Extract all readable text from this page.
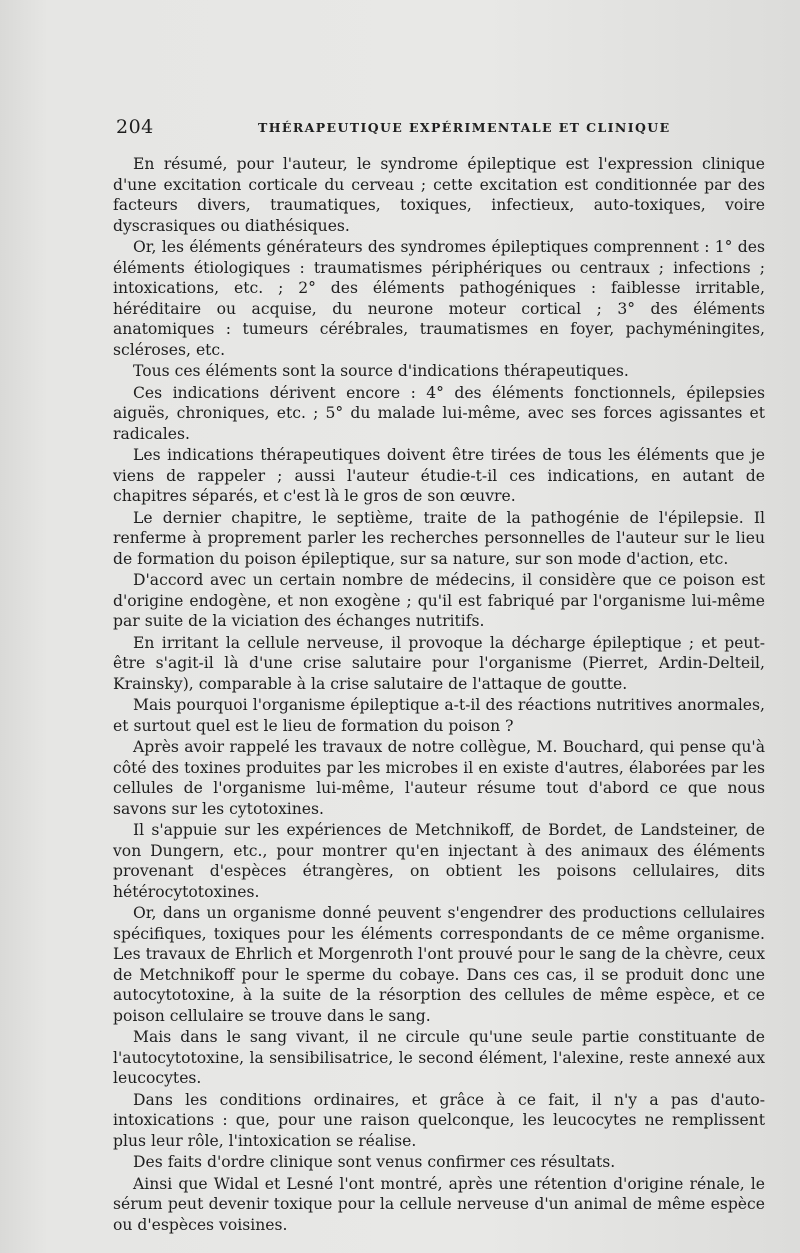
204	THÉRAPEUTIQUE EXPÉRIMENTALE ET CLINIQUE

En résumé, pour l'auteur, le syndrome épileptique est l'expression clinique d'une excitation corticale du cerveau ; cette excitation est conditionnée par des facteurs divers, traumatiques, toxiques, infectieux, auto-toxiques, voire dyscrasiques ou diathésiques.

Or, les éléments générateurs des syndromes épileptiques comprennent : 1° des éléments étiologiques : traumatismes périphériques ou centraux ; infections ; intoxications, etc. ; 2° des éléments pathogéniques : faiblesse irritable, héréditaire ou acquise, du neurone moteur cortical ; 3° des éléments anatomiques : tumeurs cérébrales, traumatismes en foyer, pachyméningites, scléroses, etc.

Tous ces éléments sont la source d'indications thérapeutiques.

Ces indications dérivent encore : 4° des éléments fonctionnels, épilepsies aiguës, chroniques, etc. ; 5° du malade lui-même, avec ses forces agissantes et radicales.

Les indications thérapeutiques doivent être tirées de tous les éléments que je viens de rappeler ; aussi l'auteur étudie-t-il ces indications, en autant de chapitres séparés, et c'est là le gros de son œuvre.

Le dernier chapitre, le septième, traite de la pathogénie de l'épilepsie. Il renferme à proprement parler les recherches personnelles de l'auteur sur le lieu de formation du poison épileptique, sur sa nature, sur son mode d'action, etc.

D'accord avec un certain nombre de médecins, il considère que ce poison est d'origine endogène, et non exogène ; qu'il est fabriqué par l'organisme lui-même par suite de la viciation des échanges nutritifs.

En irritant la cellule nerveuse, il provoque la décharge épileptique ; et peut-être s'agit-il là d'une crise salutaire pour l'organisme (Pierret, Ardin-Delteil, Krainsky), comparable à la crise salutaire de l'attaque de goutte.

Mais pourquoi l'organisme épileptique a-t-il des réactions nutritives anormales, et surtout quel est le lieu de formation du poison ?

Après avoir rappelé les travaux de notre collègue, M. Bouchard, qui pense qu'à côté des toxines produites par les microbes il en existe d'autres, élaborées par les cellules de l'organisme lui-même, l'auteur résume tout d'abord ce que nous savons sur les cytotoxines.

Il s'appuie sur les expériences de Metchnikoff, de Bordet, de Landsteiner, de von Dungern, etc., pour montrer qu'en injectant à des animaux des éléments provenant d'espèces étrangères, on obtient les poisons cellulaires, dits hétérocytotoxines.

Or, dans un organisme donné peuvent s'engendrer des productions cellulaires spécifiques, toxiques pour les éléments correspondants de ce même organisme. Les travaux de Ehrlich et Morgenroth l'ont prouvé pour le sang de la chèvre, ceux de Metchnikoff pour le sperme du cobaye. Dans ces cas, il se produit donc une autocytotoxine, à la suite de la résorption des cellules de même espèce, et ce poison cellulaire se trouve dans le sang.

Mais dans le sang vivant, il ne circule qu'une seule partie constituante de l'autocytotoxine, la sensibilisatrice, le second élément, l'alexine, reste annexé aux leucocytes.

Dans les conditions ordinaires, et grâce à ce fait, il n'y a pas d'auto-intoxications : que, pour une raison quelconque, les leucocytes ne remplissent plus leur rôle, l'intoxication se réalise.

Des faits d'ordre clinique sont venus confirmer ces résultats.

Ainsi que Widal et Lesné l'ont montré, après une rétention d'origine rénale, le sérum peut devenir toxique pour la cellule nerveuse d'un animal de même espèce ou d'espèces voisines.
